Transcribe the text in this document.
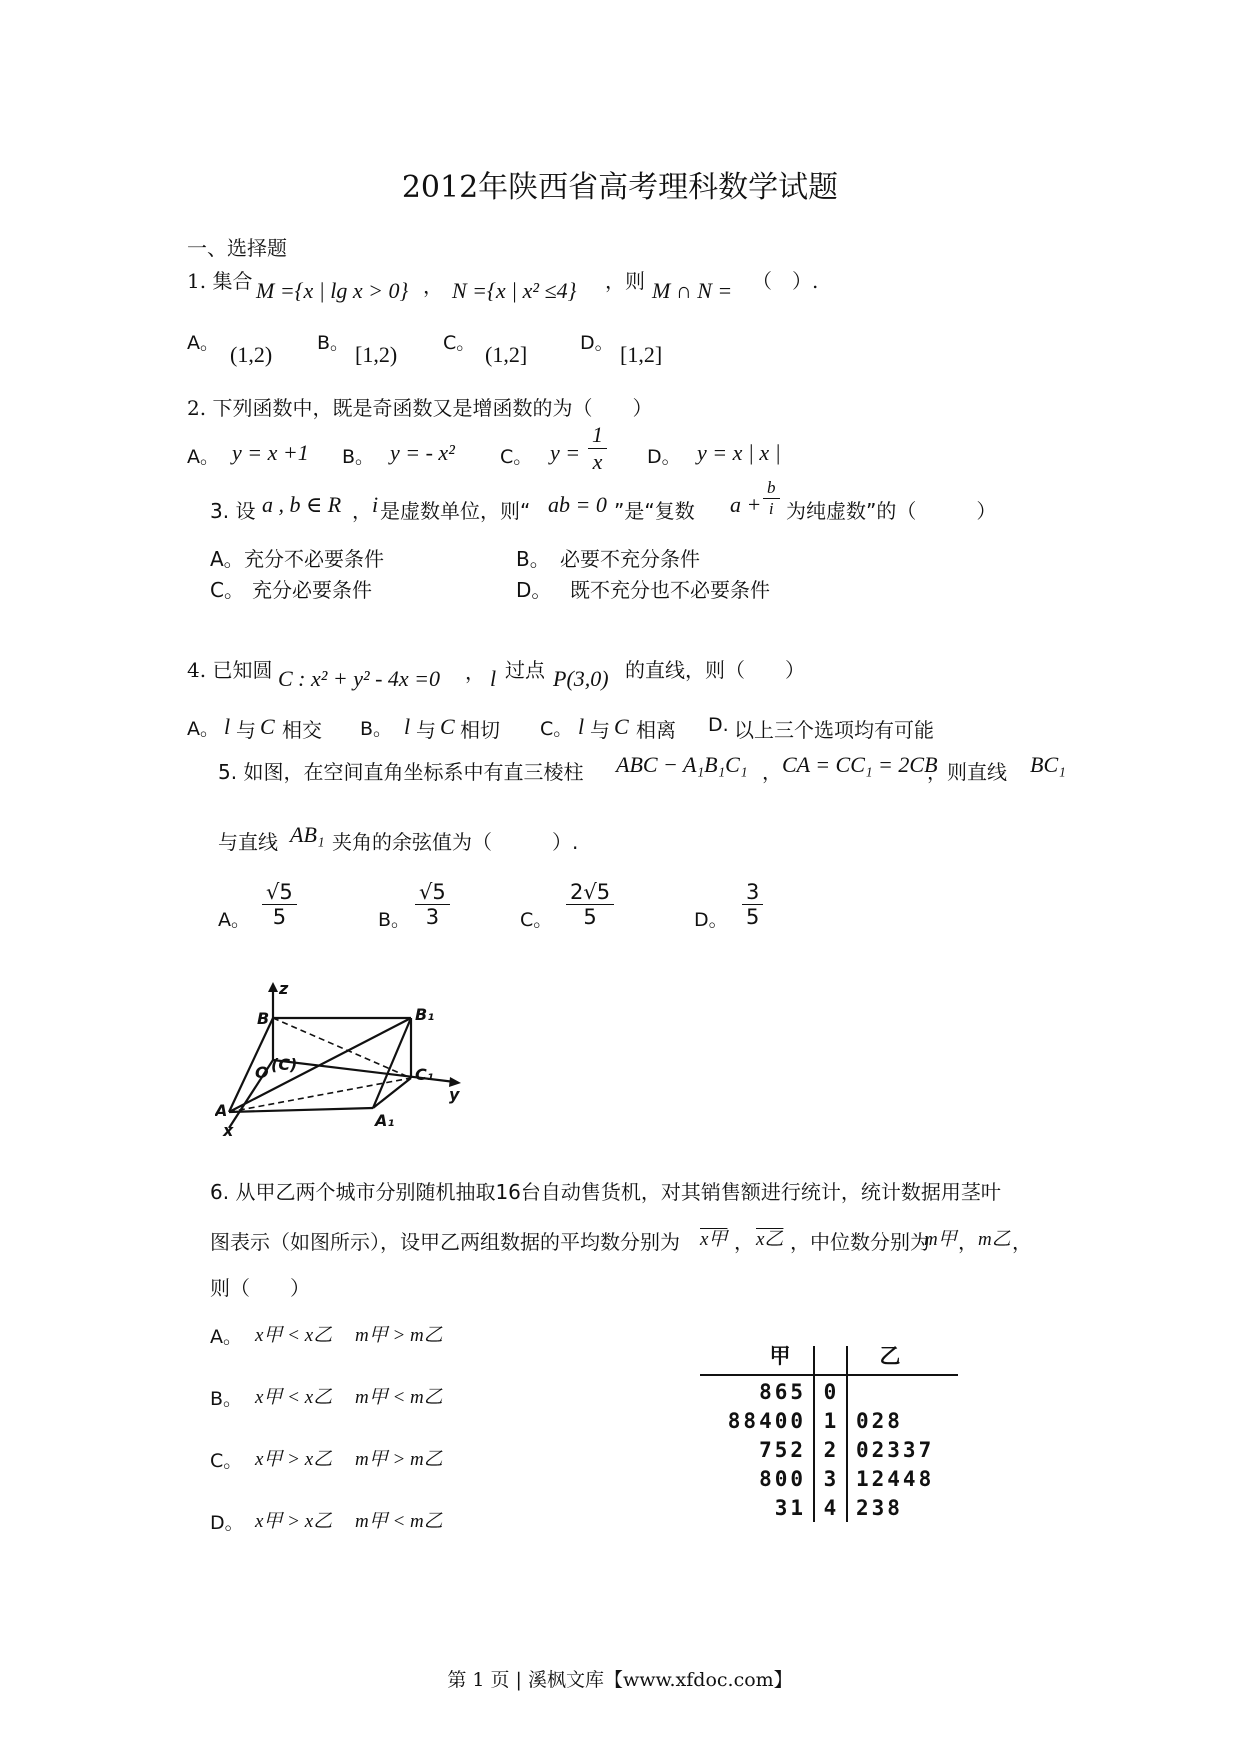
2012年陕西省高考理科数学试题
一、选择题
1. 集合 M ={x | lg x > 0} ， N ={x | x² ≤4} ，则 M ∩ N = （　）.
A。 (1,2) B。 [1,2) C。 (1,2]	D。 [1,2]
2. 下列函数中，既是奇函数又是增函数的为（　　）
A。 y = x +1 B。 y = - x² C。 $y = \frac{1}{x}$ D。 y = x | x |
3. 设 a , b ∈ R ， i 是虚数单位，则“ ab = 0 ”是“复数 $a + \frac{b}{i}$ 为纯虚数”的（　　　）
A。 充分不必要条件	B。 必要不充分条件
C。 充分必要条件	D。 既不充分也不必要条件
4. 已知圆 C : x² + y² - 4x =0 ， l 过点 P(3,0) 的直线，则（　　）
A。 l 与 C 相交 B。 l 与 C 相切 C。 l 与 C 相离 D. 以上三个选项均有可能
5. 如图，在空间直角坐标系中有直三棱柱 ABC − A₁B₁C₁ ， CA = CC₁ = 2CB
，则直线 BC₁
与直线 AB₁ 夹角的余弦值为（　　　）.
A。 $\frac{√5}{5}$	B。 $\frac{√5}{3}$	C。 $\frac{2√5}{5}$	D。 $\frac{3}{5}$
z
y
x
B	B₁
C₁
O (C)
A
A₁
6. 从甲乙两个城市分别随机抽取16台自动售货机，对其销售额进行统计，统计数据用茎叶
图表示（如图所示），设甲乙两组数据的平均数分别为 x甲 ， x乙 ，中位数分别为
m甲 ， m乙 ，
则（　　）
A。 x甲 < x乙 m甲 > m乙
B。 x甲 < x乙 m甲 < m乙
C。 x甲 > x乙 m甲 > m乙
D。 x甲 > x乙 m甲 < m乙
甲	乙
865 0
88400 1 028
752 2 02337
800 3 12448
31 4 238
第 1 页 | 溪枫文库【www.xfdoc.com】
